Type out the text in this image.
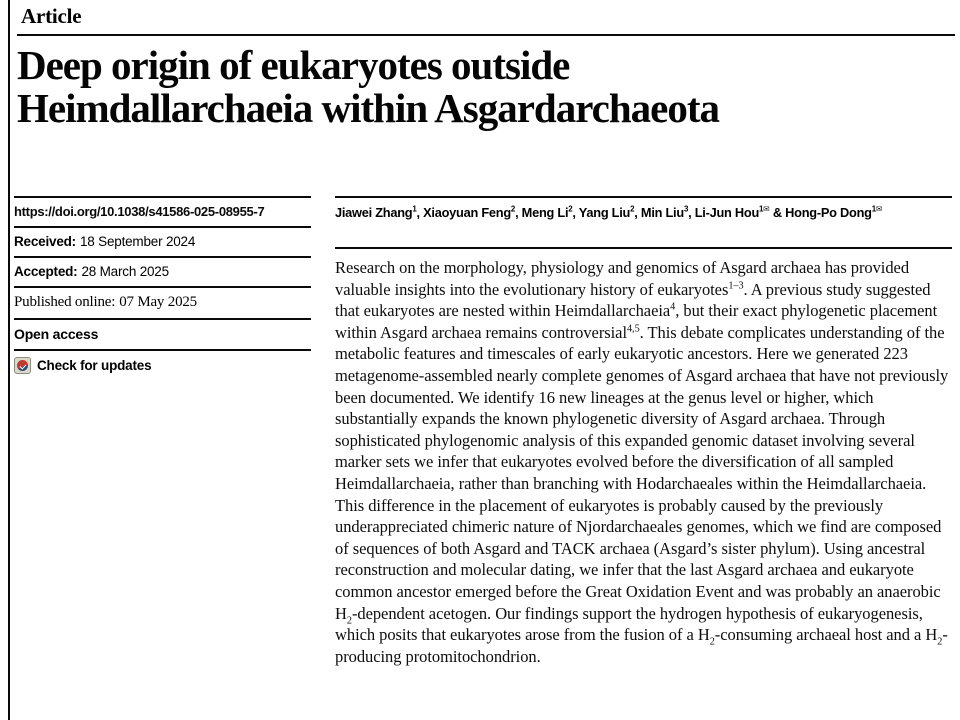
Article
Deep origin of eukaryotes outside
Heimdallarchaeia within Asgardarchaeota
https://doi.org/10.1038/s41586-025-08955-7
Received: 18 September 2024
Accepted: 28 March 2025
Published online: 07 May 2025
Open access
Check for updates
Jiawei Zhang$^1$, Xiaoyuan Feng$^2$, Meng Li$^2$, Yang Liu$^2$, Min Liu$^3$, Li-Jun Hou$^{1✉}$ & Hong-Po Dong$^{1✉}$
Research on the morphology, physiology and genomics of Asgard archaea has provided valuable insights into the evolutionary history of eukaryotes$^{1-3}$. A previous study suggested that eukaryotes are nested within Heimdallarchaeia$^4$, but their exact phylogenetic placement within Asgard archaea remains controversial$^{4,5}$. This debate complicates understanding of the metabolic features and timescales of early eukaryotic ancestors. Here we generated 223 metagenome-assembled nearly complete genomes of Asgard archaea that have not previously been documented. We identify 16 new lineages at the genus level or higher, which substantially expands the known phylogenetic diversity of Asgard archaea. Through sophisticated phylogenomic analysis of this expanded genomic dataset involving several marker sets we infer that eukaryotes evolved before the diversification of all sampled Heimdallarchaeia, rather than branching with Hodarchaeales within the Heimdallarchaeia. This difference in the placement of eukaryotes is probably caused by the previously underappreciated chimeric nature of Njordarchaeales genomes, which we find are composed of sequences of both Asgard and TACK archaea (Asgard’s sister phylum). Using ancestral reconstruction and molecular dating, we infer that the last Asgard archaea and eukaryote common ancestor emerged before the Great Oxidation Event and was probably an anaerobic $H_2$-dependent acetogen. Our findings support the hydrogen hypothesis of eukaryogenesis, which posits that eukaryotes arose from the fusion of a $H_2$-consuming archaeal host and a $H_2$-producing protomitochondrion.
